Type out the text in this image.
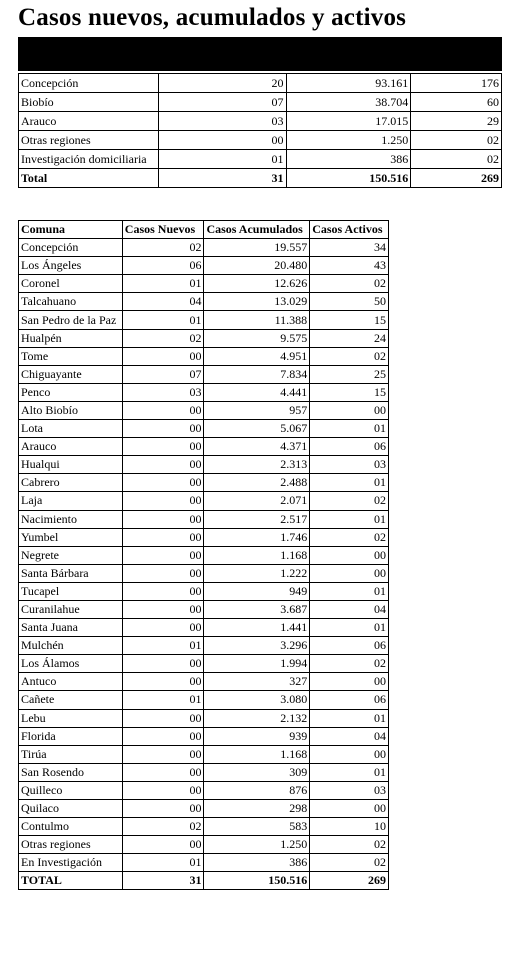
Casos nuevos, acumulados y activos
Concepción	20	93.161	176
Biobío	07	38.704	60
Arauco	03	17.015	29
Otras regiones	00	1.250	02
Investigación domiciliaria	01	386	02
Total	31	150.516	269
Comuna	Casos Nuevos	Casos Acumulados	Casos Activos
Concepción	02	19.557	34
Los Ángeles	06	20.480	43
Coronel	01	12.626	02
Talcahuano	04	13.029	50
San Pedro de la Paz	01	11.388	15
Hualpén	02	9.575	24
Tome	00	4.951	02
Chiguayante	07	7.834	25
Penco	03	4.441	15
Alto Biobío	00	957	00
Lota	00	5.067	01
Arauco	00	4.371	06
Hualqui	00	2.313	03
Cabrero	00	2.488	01
Laja	00	2.071	02
Nacimiento	00	2.517	01
Yumbel	00	1.746	02
Negrete	00	1.168	00
Santa Bárbara	00	1.222	00
Tucapel	00	949	01
Curanilahue	00	3.687	04
Santa Juana	00	1.441	01
Mulchén	01	3.296	06
Los Álamos	00	1.994	02
Antuco	00	327	00
Cañete	01	3.080	06
Lebu	00	2.132	01
Florida	00	939	04
Tirúa	00	1.168	00
San Rosendo	00	309	01
Quilleco	00	876	03
Quilaco	00	298	00
Contulmo	02	583	10
Otras regiones	00	1.250	02
En Investigación	01	386	02
TOTAL	31	150.516	269
